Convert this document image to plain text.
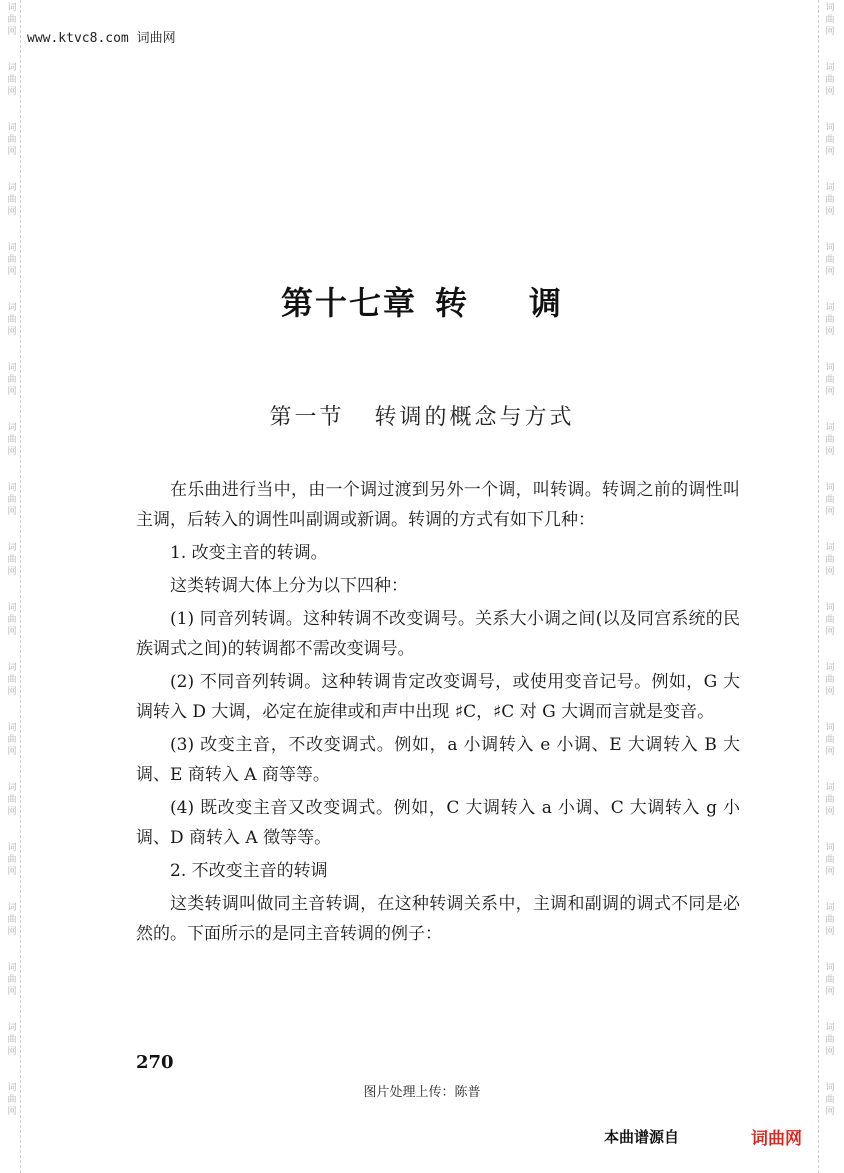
词
曲
网
词
曲
网
词
曲
网
词
曲
网
词
曲
网
词
曲
网
词
曲
网
词
曲
网
词
曲
网
词
曲
网
词
曲
网
词
曲
网
词
曲
网
词
曲
网
词
曲
网
词
曲
网
词
曲
网
词
曲
网
词
曲
网
词
曲
网
词
曲
网
词
曲
网
词
曲
网
词
曲
网
词
曲
网
词
曲
网
词
曲
网
词
曲
网
词
曲
网
词
曲
网
词
曲
网
词
曲
网
词
曲
网
词
曲
网
词
曲
网
词
曲
网
词
曲
网
词
曲
网
www.ktvc8.com 词曲网
第十七章 转 调
第一节 转调的概念与方式

在乐曲进行当中，由一个调过渡到另外一个调，叫转调。转调之前的调性叫主调，后转入的调性叫副调或新调。转调的方式有如下几种：

1. 改变主音的转调。

这类转调大体上分为以下四种：

(1) 同音列转调。这种转调不改变调号。关系大小调之间(以及同宫系统的民族调式之间)的转调都不需改变调号。

(2) 不同音列转调。这种转调肯定改变调号，或使用变音记号。例如，G 大调转入 D 大调，必定在旋律或和声中出现 ♯C，♯C 对 G 大调而言就是变音。

(3) 改变主音，不改变调式。例如，a 小调转入 e 小调、E 大调转入 B 大调、E 商转入 A 商等等。

(4) 既改变主音又改变调式。例如，C 大调转入 a 小调、C 大调转入 g 小调、D 商转入 A 徵等等。

2. 不改变主音的转调

这类转调叫做同主音转调，在这种转调关系中，主调和副调的调式不同是必然的。下面所示的是同主音转调的例子：

270
图片处理上传：陈普
本曲谱源自	词曲网
